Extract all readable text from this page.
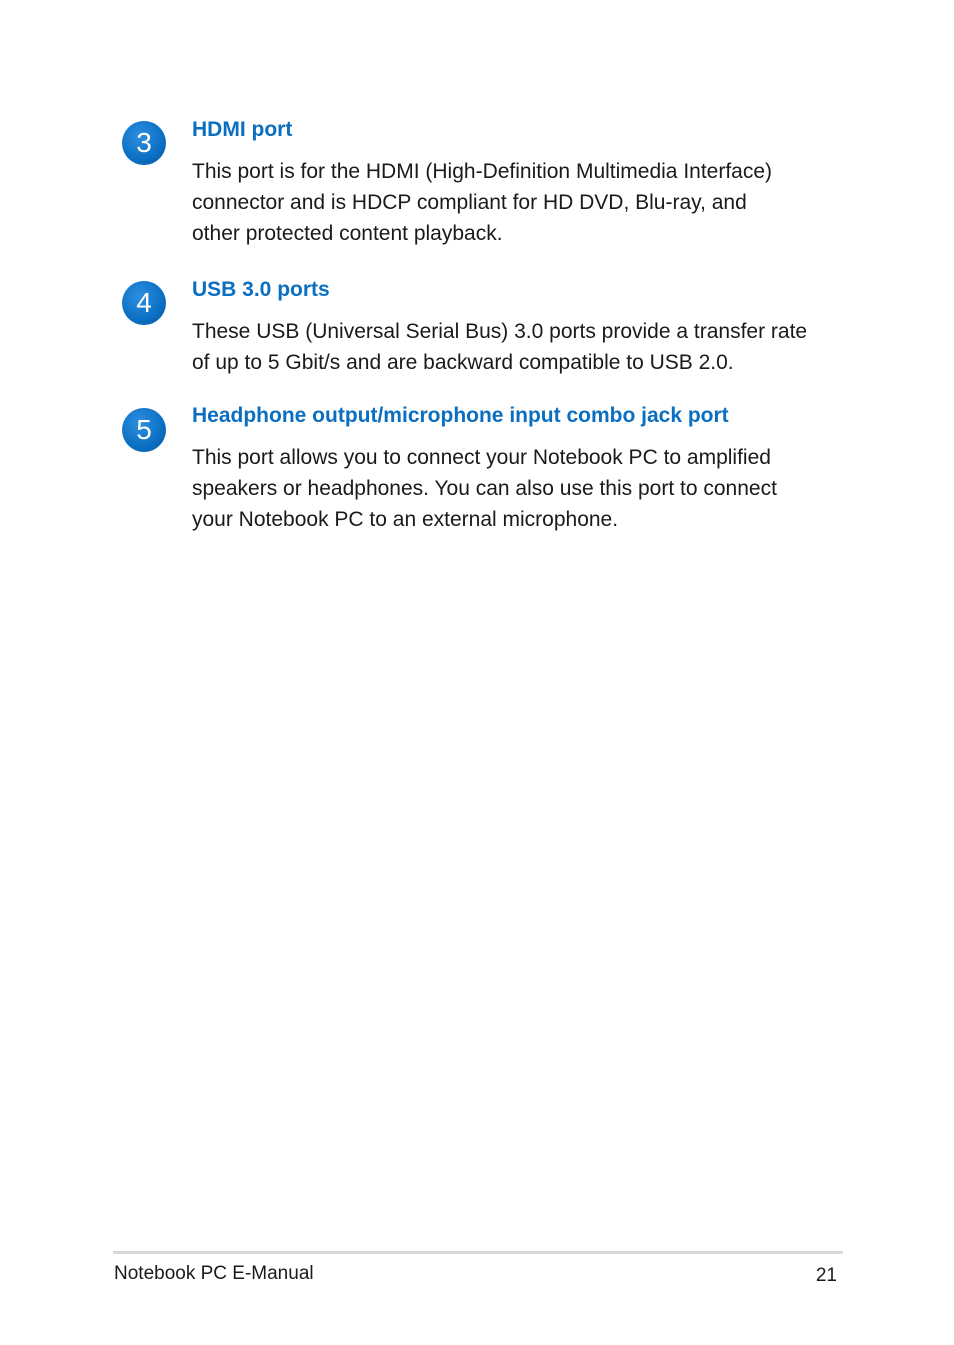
3	HDMI port
This port is for the HDMI (High-Definition Multimedia Interface)
connector and is HDCP compliant for HD DVD, Blu-ray, and
other protected content playback.
4	USB 3.0 ports
These USB (Universal Serial Bus) 3.0 ports provide a transfer rate
of up to 5 Gbit/s and are backward compatible to USB 2.0.
5	Headphone output/microphone input combo jack port
This port allows you to connect your Notebook PC to amplified
speakers or headphones. You can also use this port to connect
your Notebook PC to an external microphone.
Notebook PC E-Manual	21
